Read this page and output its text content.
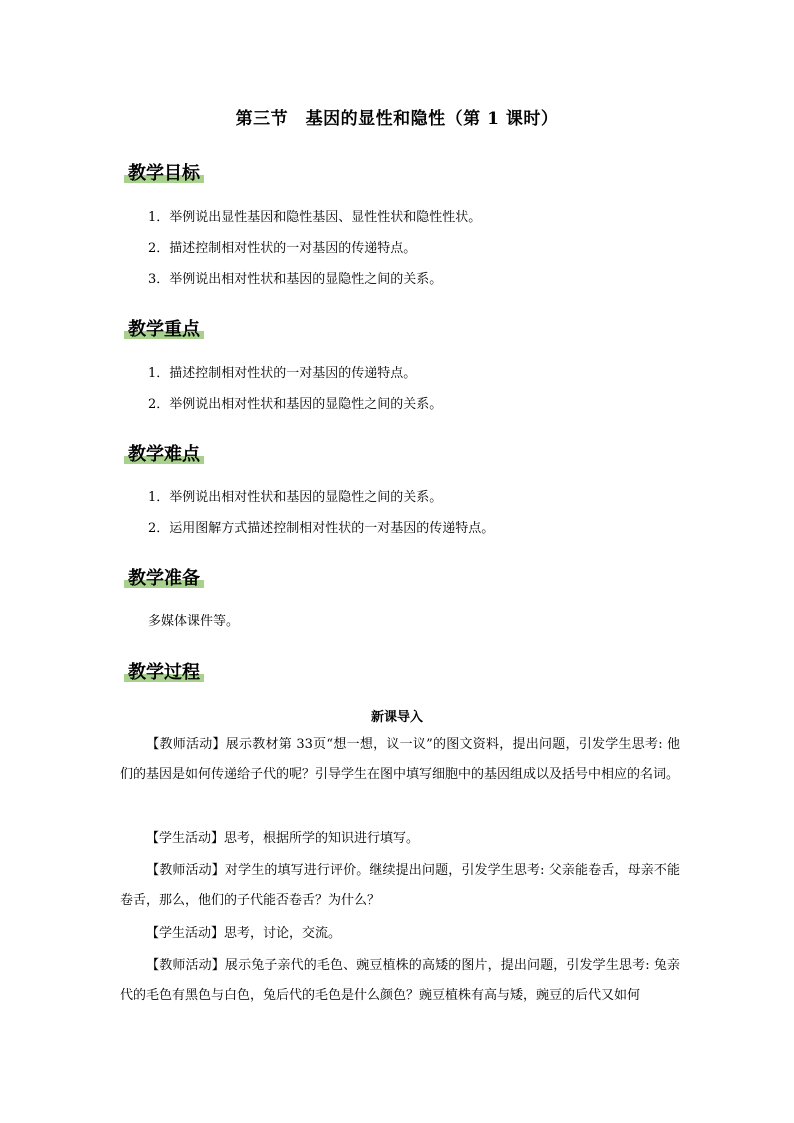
第三节　基因的显性和隐性（第 1 课时）
教学目标
1．举例说出显性基因和隐性基因、显性性状和隐性性状。
2．描述控制相对性状的一对基因的传递特点。
3．举例说出相对性状和基因的显隐性之间的关系。
教学重点
1．描述控制相对性状的一对基因的传递特点。
2．举例说出相对性状和基因的显隐性之间的关系。
教学难点
1．举例说出相对性状和基因的显隐性之间的关系。
2．运用图解方式描述控制相对性状的一对基因的传递特点。
教学准备
多媒体课件等。
教学过程
新课导入
【教师活动】展示教材第 33页“想一想，议一议”的图文资料，提出问题，引发学生思考: 他们的基因是如何传递给子代的呢？引导学生在图中填写细胞中的基因组成以及括号中相应的名词。
【学生活动】思考，根据所学的知识进行填写。
【教师活动】对学生的填写进行评价。继续提出问题，引发学生思考: 父亲能卷舌，母亲不能卷舌，那么，他们的子代能否卷舌？为什么？
【学生活动】思考，讨论，交流。
【教师活动】展示兔子亲代的毛色、豌豆植株的高矮的图片，提出问题，引发学生思考: 兔亲代的毛色有黑色与白色，兔后代的毛色是什么颜色？豌豆植株有高与矮，豌豆的后代又如何
